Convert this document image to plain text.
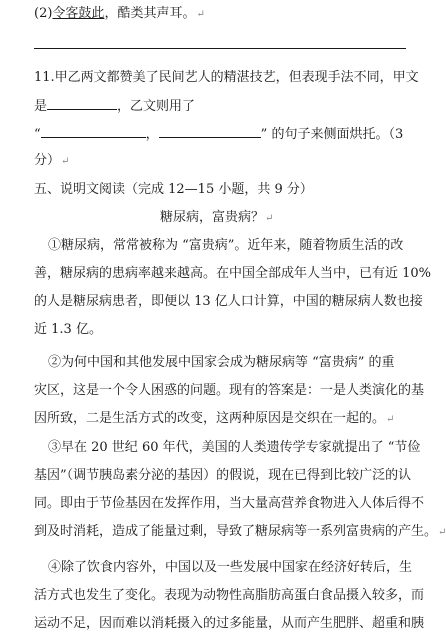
(2)令客鼓此，酷类其声耳。↵
11.甲乙两文都赞美了民间艺人的精湛技艺，但表现手法不同，甲文
是	，乙文则用了
“	，	” 的句子来侧面烘托。（3
分）↵
五、说明文阅读（完成 12—15 小题，共 9 分）
糖尿病，富贵病？↵
①糖尿病，常常被称为 “富贵病”。近年来，随着物质生活的改
善，糖尿病的患病率越来越高。在中国全部成年人当中，已有近 10%
的人是糖尿病患者，即便以 13 亿人口计算，中国的糖尿病人数也接
近 1.3 亿。
②为何中国和其他发展中国家会成为糖尿病等 “富贵病” 的重
灾区，这是一个令人困惑的问题。现有的答案是：一是人类演化的基
因所致，二是生活方式的改变，这两种原因是交织在一起的。↵
③早在 20 世纪 60 年代，美国的人类遗传学专家就提出了 “节俭
基因”（调节胰岛素分泌的基因）的假说，现在已得到比较广泛的认
同。即由于节俭基因在发挥作用，当大量高营养食物进入人体后得不
到及时消耗，造成了能量过剩，导致了糖尿病等一系列富贵病的产生。↵
④除了饮食内容外，中国以及一些发展中国家在经济好转后，生
活方式也发生了变化。表现为动物性高脂肪高蛋白食品摄入较多，而
运动不足，因而难以消耗摄入的过多能量，从而产生肥胖、超重和胰
